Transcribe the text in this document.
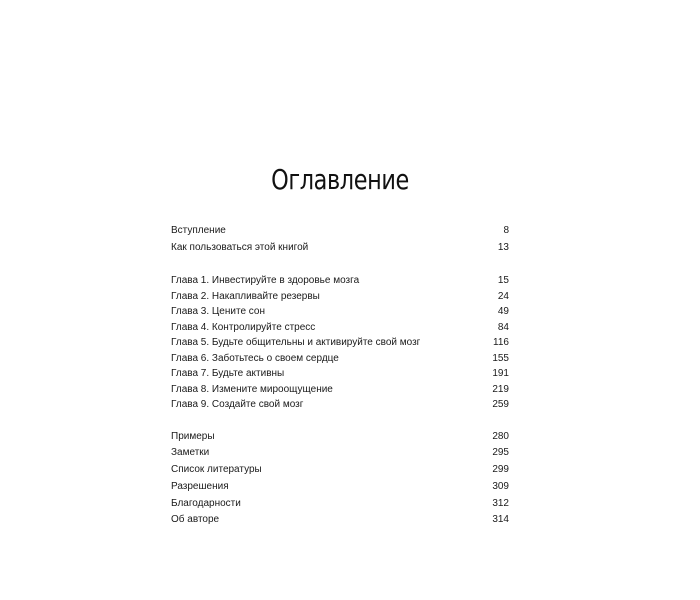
Оглавление
Вступление	8
Как пользоваться этой книгой	13
Глава 1. Инвестируйте в здоровье мозга	15
Глава 2. Накапливайте резервы	24
Глава 3. Цените сон	49
Глава 4. Контролируйте стресс	84
Глава 5. Будьте общительны и активируйте свой мозг	116
Глава 6. Заботьтесь о своем сердце	155
Глава 7. Будьте активны	191
Глава 8. Измените мироощущение	219
Глава 9. Создайте свой мозг	259
Примеры	280
Заметки	295
Список литературы	299
Разрешения	309
Благодарности	312
Об авторе	314
